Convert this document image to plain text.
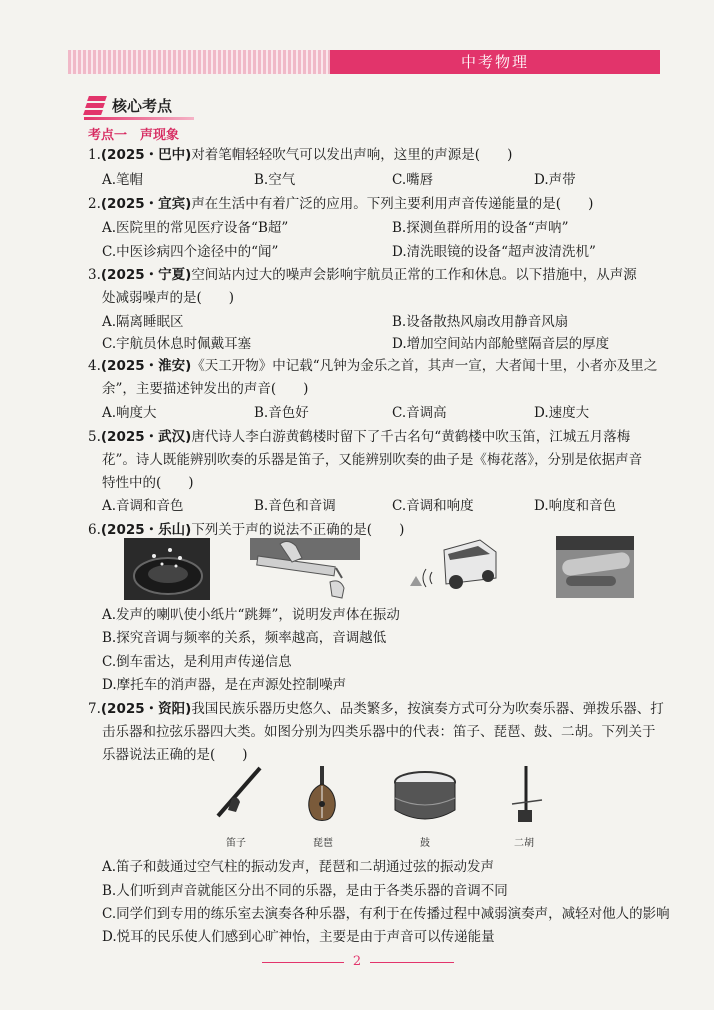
中考物理
核心考点
考点一　声现象
1.(2025・巴中)对着笔帽轻轻吹气可以发出声响，这里的声源是(　　)
A.笔帽	B.空气	C.嘴唇	D.声带
2.(2025・宜宾)声在生活中有着广泛的应用。下列主要利用声音传递能量的是(　　)
A.医院里的常见医疗设备“B超”	B.探测鱼群所用的设备“声呐”
C.中医诊病四个途径中的“闻”	D.清洗眼镜的设备“超声波清洗机”
3.(2025・宁夏)空间站内过大的噪声会影响宇航员正常的工作和休息。以下措施中，从声源
处减弱噪声的是(　　)
A.隔离睡眠区	B.设备散热风扇改用静音风扇
C.宇航员休息时佩戴耳塞	D.增加空间站内部舱壁隔音层的厚度
4.(2025・淮安)《天工开物》中记载“凡钟为金乐之首，其声一宣，大者闻十里，小者亦及里之
余”，主要描述钟发出的声音(　　)
A.响度大	B.音色好	C.音调高	D.速度大
5.(2025・武汉)唐代诗人李白游黄鹤楼时留下了千古名句“黄鹤楼中吹玉笛，江城五月落梅
花”。诗人既能辨别吹奏的乐器是笛子，又能辨别吹奏的曲子是《梅花落》，分别是依据声音
特性中的(　　)
A.音调和音色	B.音色和音调	C.音调和响度	D.响度和音色
6.(2025・乐山)下列关于声的说法不正确的是(　　)
A.发声的喇叭使小纸片“跳舞”，说明发声体在振动
B.探究音调与频率的关系，频率越高，音调越低
C.倒车雷达，是利用声传递信息
D.摩托车的消声器，是在声源处控制噪声
7.(2025・资阳)我国民族乐器历史悠久、品类繁多，按演奏方式可分为吹奏乐器、弹拨乐器、打
击乐器和拉弦乐器四大类。如图分别为四类乐器中的代表：笛子、琵琶、鼓、二胡。下列关于
乐器说法正确的是(　　)
笛子	琵琶	鼓	二胡
A.笛子和鼓通过空气柱的振动发声，琵琶和二胡通过弦的振动发声
B.人们听到声音就能区分出不同的乐器，是由于各类乐器的音调不同
C.同学们到专用的练乐室去演奏各种乐器，有利于在传播过程中减弱演奏声，减轻对他人的影响
D.悦耳的民乐使人们感到心旷神怡，主要是由于声音可以传递能量
2
